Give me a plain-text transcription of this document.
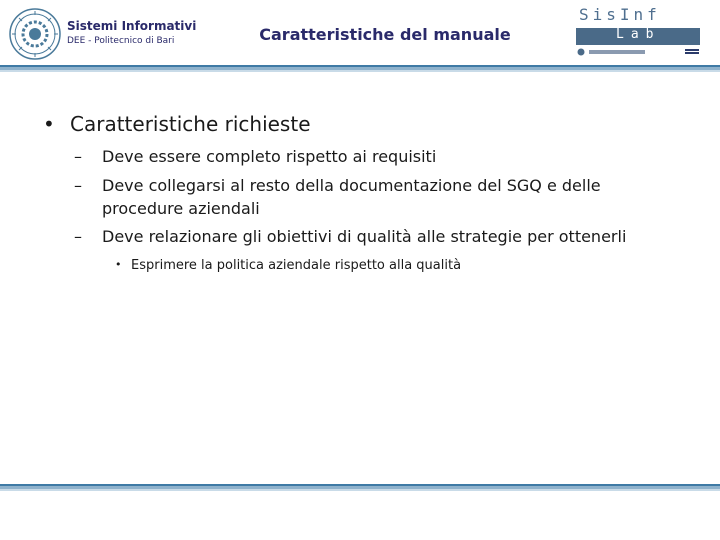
Sistemi Informativi
DEE - Politecnico di Bari	Caratteristiche del manuale
SisInf
Lab
• Caratteristiche richieste
– Deve essere completo rispetto ai requisiti
– Deve collegarsi al resto della documentazione del SGQ e delle
procedure aziendali
– Deve relazionare gli obiettivi di qualità alle strategie per ottenerli
• Esprimere la politica aziendale rispetto alla qualità
